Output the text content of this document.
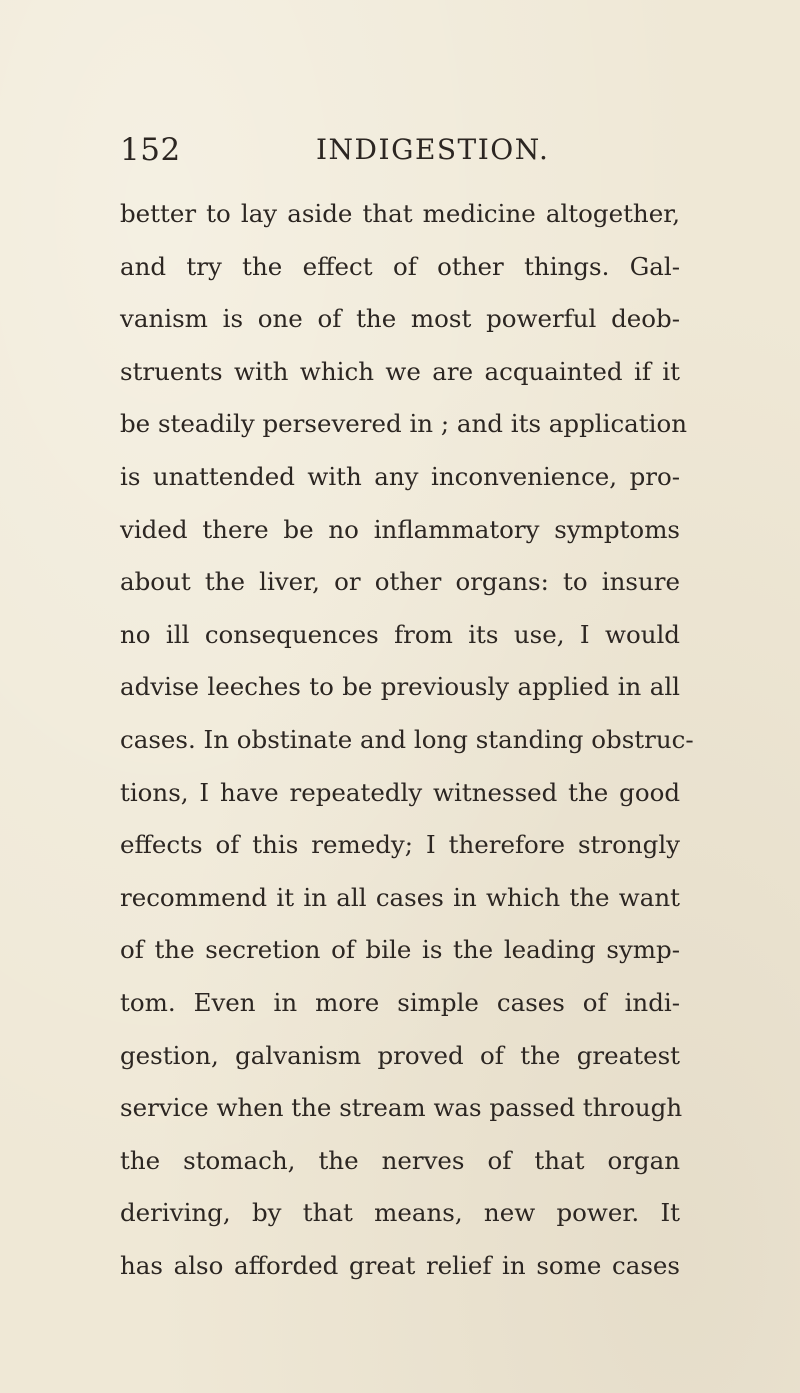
152	INDIGESTION.
better to lay aside that medicine altogether,
and try the effect of other things. Gal-
vanism is one of the most powerful deob-
struents with which we are acquainted if it
be steadily persevered in ; and its application
is unattended with any inconvenience, pro-
vided there be no inflammatory symptoms
about the liver, or other organs: to insure
no ill consequences from its use, I would
advise leeches to be previously applied in all
cases. In obstinate and long standing obstruc-
tions, I have repeatedly witnessed the good
effects of this remedy; I therefore strongly
recommend it in all cases in which the want
of the secretion of bile is the leading symp-
tom. Even in more simple cases of indi-
gestion, galvanism proved of the greatest
service when the stream was passed through
the stomach, the nerves of that organ
deriving, by that means, new power. It
has also afforded great relief in some cases
